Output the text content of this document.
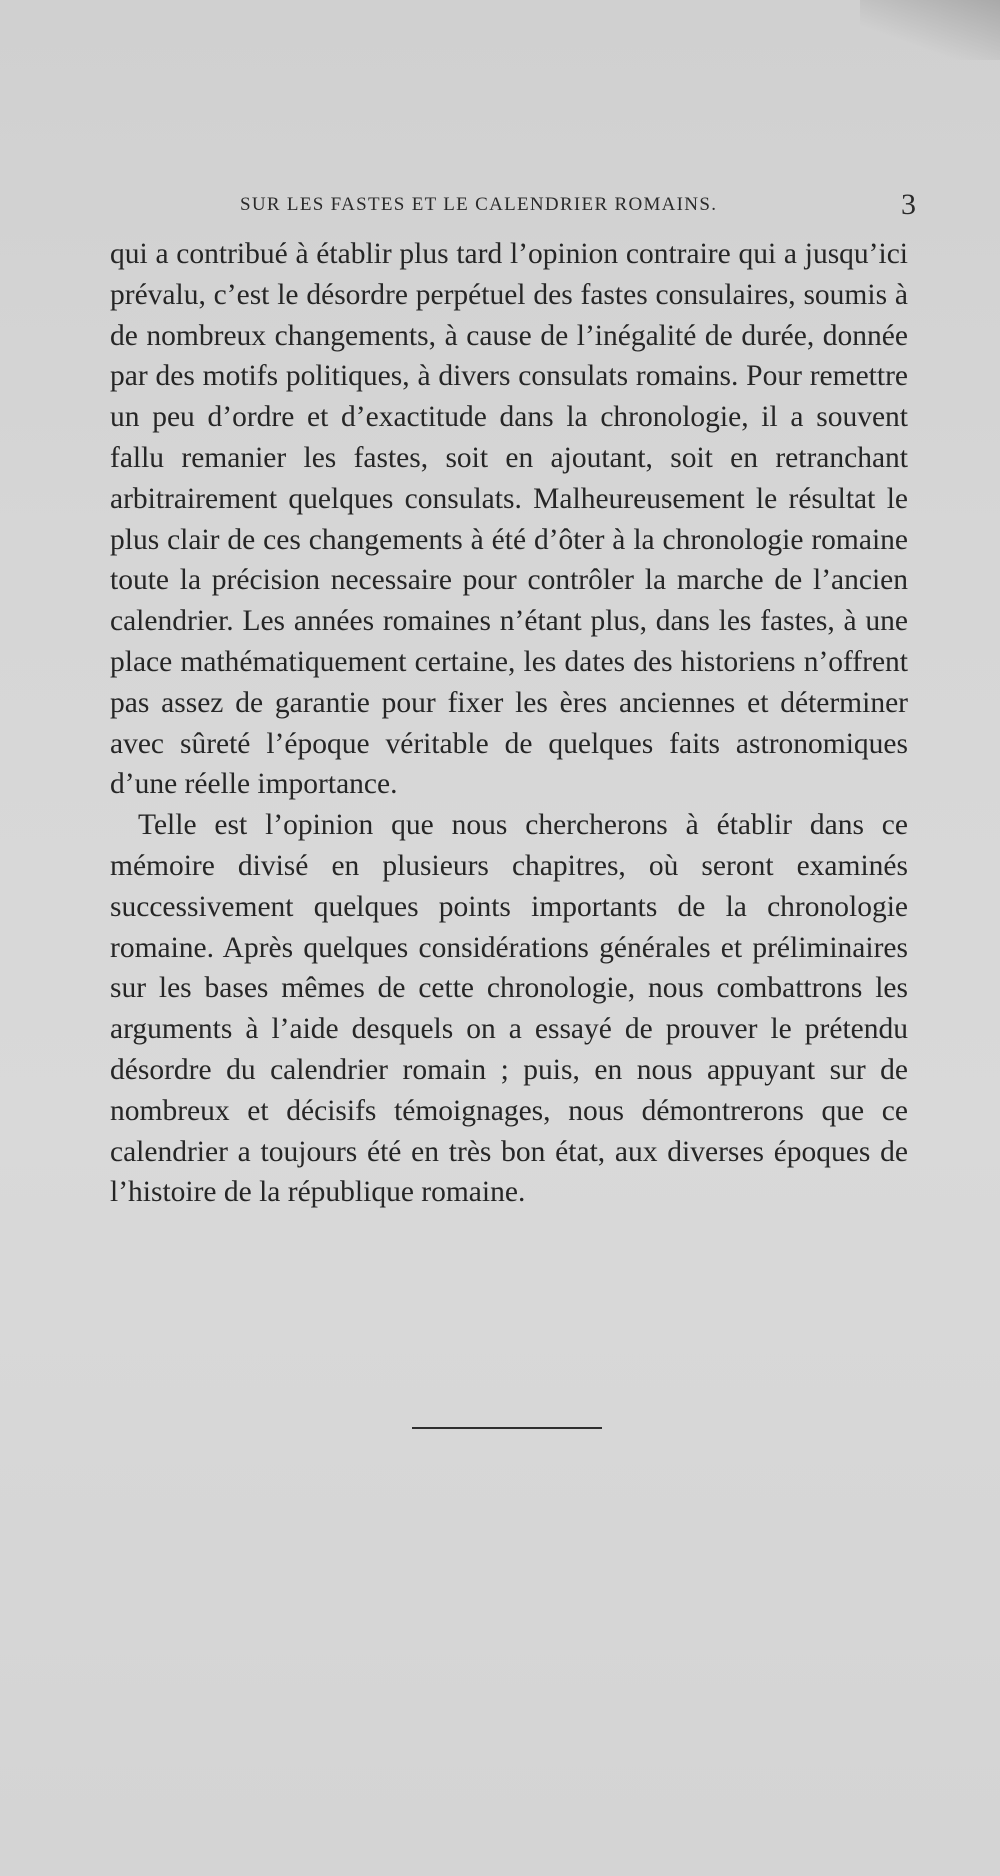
SUR LES FASTES ET LE CALENDRIER ROMAINS.	3

qui a contribué à établir plus tard l’opinion contraire qui a jusqu’ici prévalu, c’est le désordre perpétuel des fastes consulaires, soumis à de nombreux changements, à cause de l’inégalité de durée, donnée par des motifs politiques, à divers consulats romains. Pour remettre un peu d’ordre et d’exactitude dans la chronologie, il a souvent fallu remanier les fastes, soit en ajoutant, soit en retranchant arbitrairement quelques consulats. Malheureusement le résultat le plus clair de ces changements à été d’ôter à la chronologie romaine toute la précision necessaire pour contrôler la marche de l’ancien calendrier. Les années romaines n’étant plus, dans les fastes, à une place mathématiquement certaine, les dates des historiens n’offrent pas assez de garantie pour fixer les ères anciennes et déterminer avec sûreté l’époque véritable de quelques faits astronomiques d’une réelle importance.

Telle est l’opinion que nous chercherons à établir dans ce mémoire divisé en plusieurs chapitres, où seront examinés successivement quelques points importants de la chronologie romaine. Après quelques considérations générales et préliminaires sur les bases mêmes de cette chronologie, nous combattrons les arguments à l’aide desquels on a essayé de prouver le prétendu désordre du calendrier romain ; puis, en nous appuyant sur de nombreux et décisifs témoignages, nous démontrerons que ce calendrier a toujours été en très bon état, aux diverses époques de l’histoire de la république romaine.
